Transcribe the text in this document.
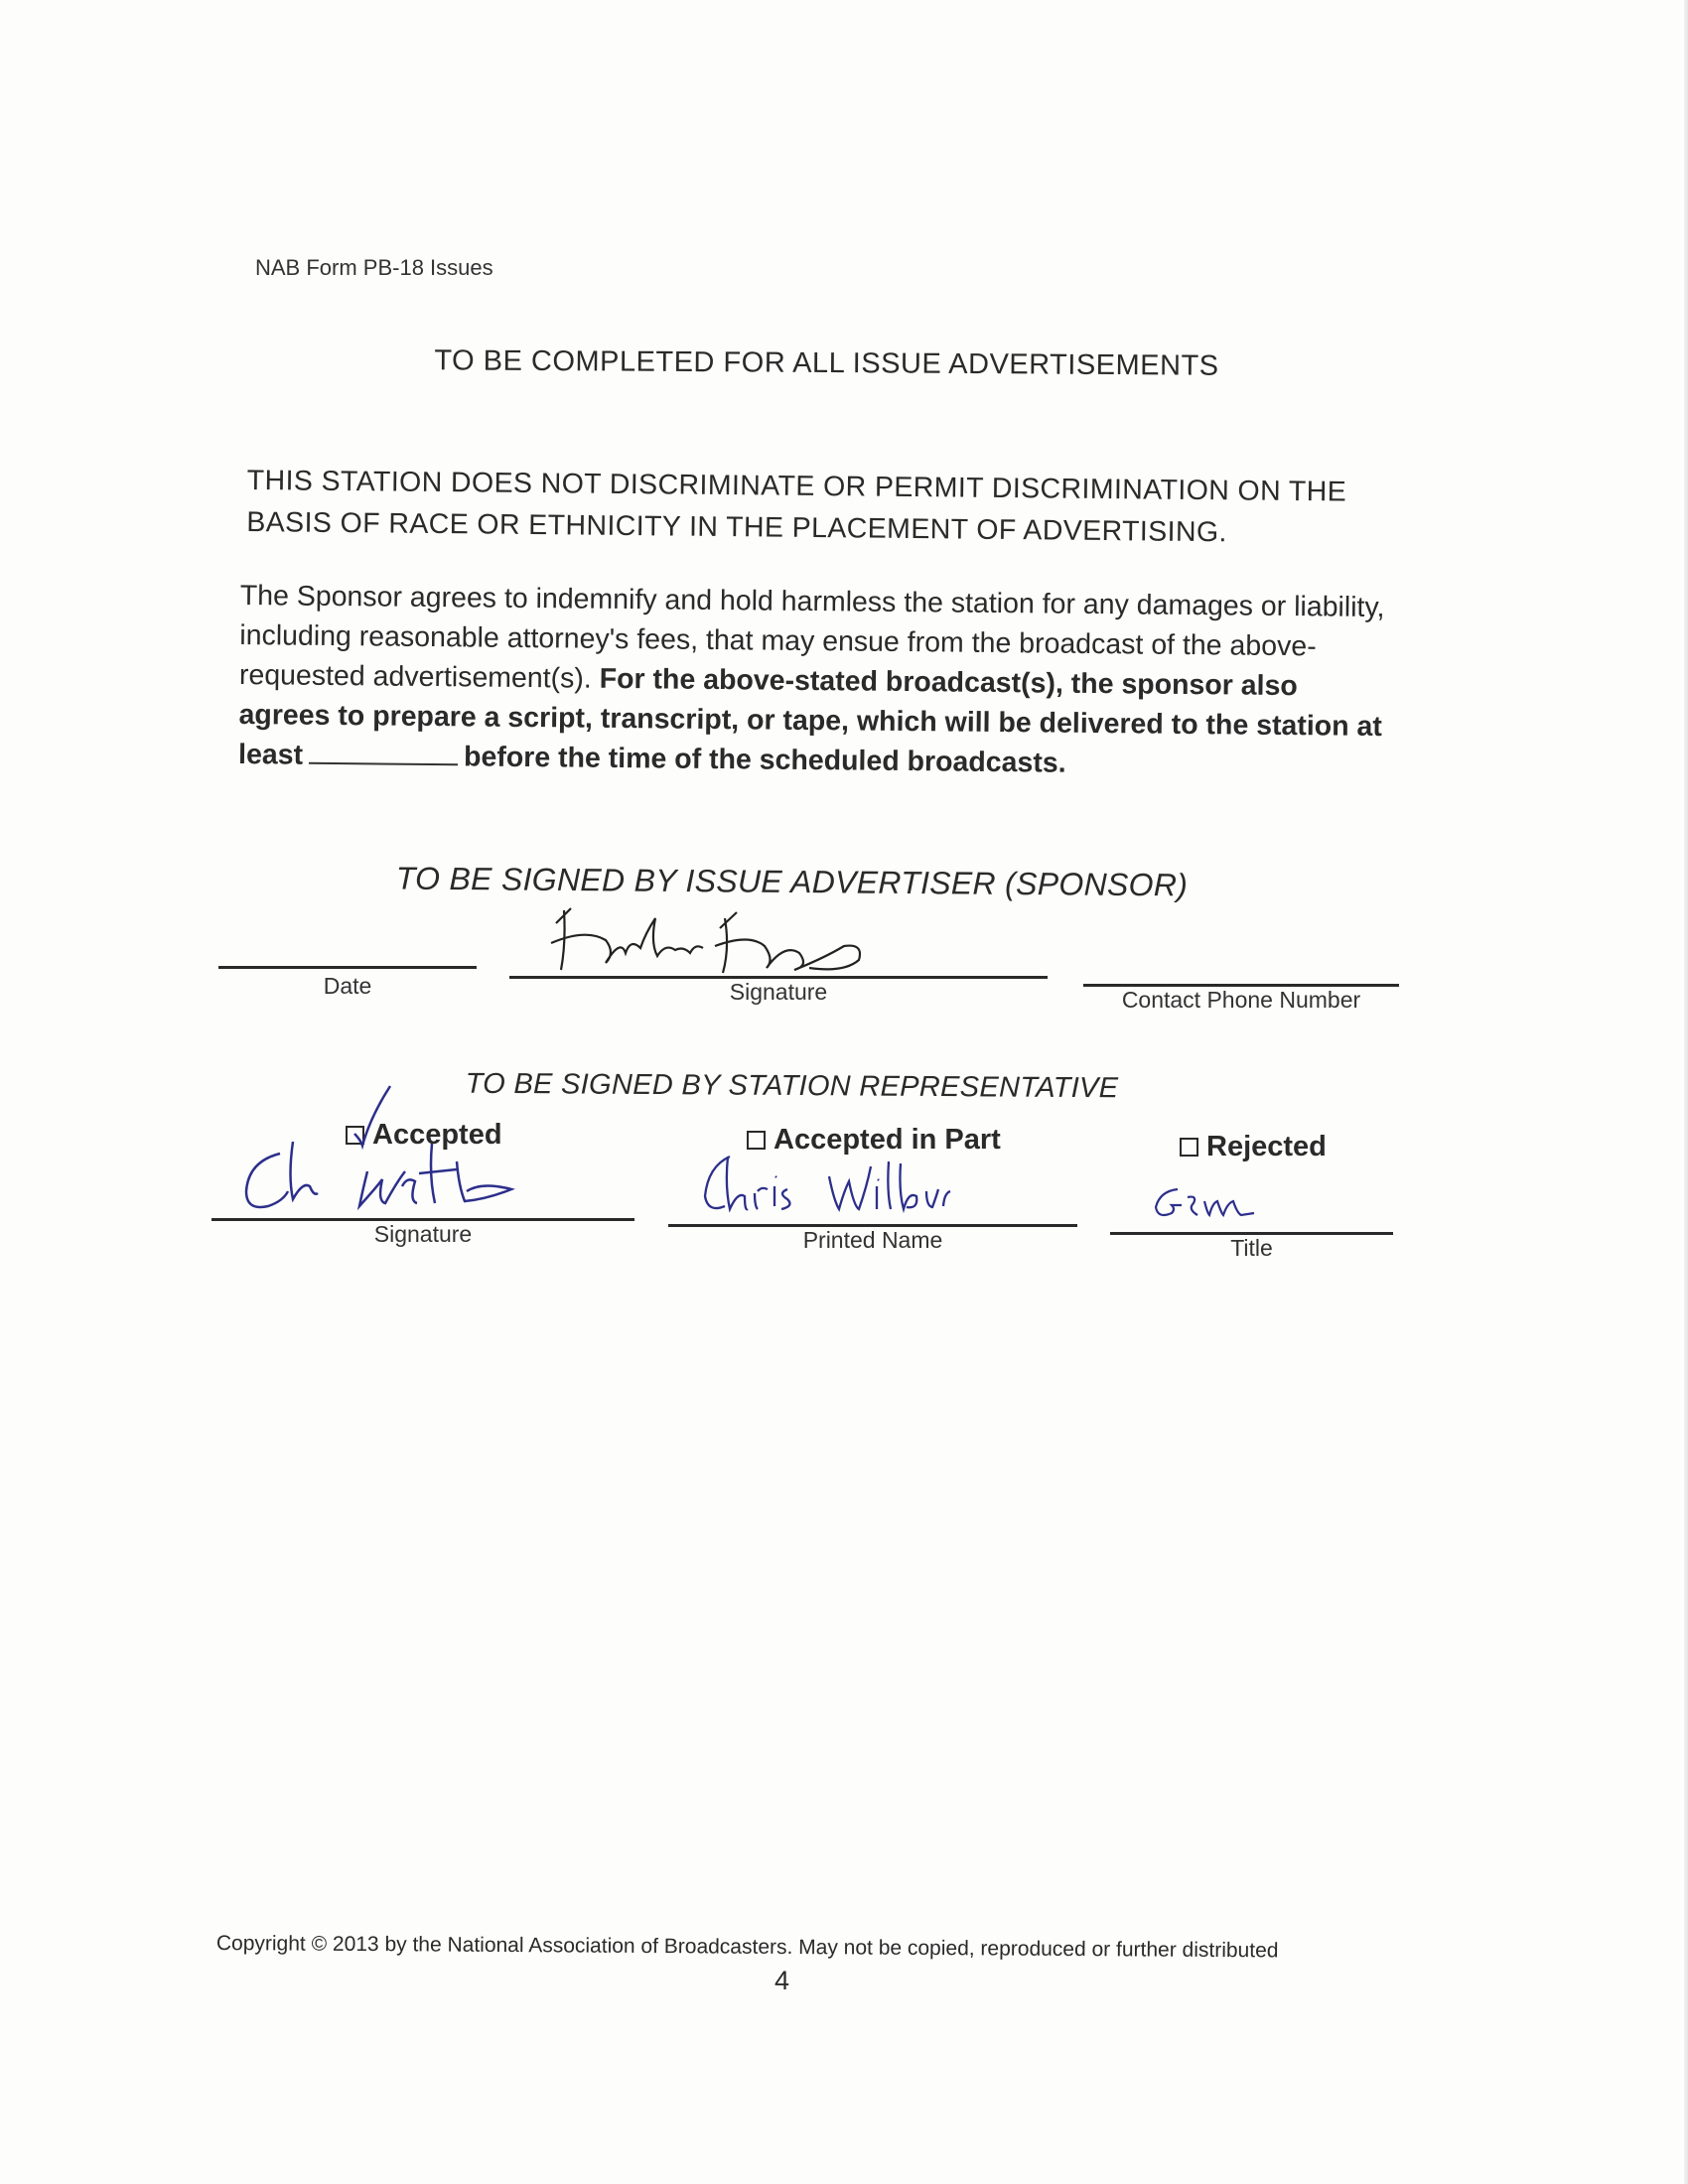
NAB Form PB-18 Issues
TO BE COMPLETED FOR ALL ISSUE ADVERTISEMENTS
THIS STATION DOES NOT DISCRIMINATE OR PERMIT DISCRIMINATION ON THE BASIS OF RACE OR ETHNICITY IN THE PLACEMENT OF ADVERTISING.
The Sponsor agrees to indemnify and hold harmless the station for any damages or liability, including reasonable attorney's fees, that may ensue from the broadcast of the above-requested advertisement(s). For the above-stated broadcast(s), the sponsor also agrees to prepare a script, transcript, or tape, which will be delivered to the station at least	before the time of the scheduled broadcasts.
TO BE SIGNED BY ISSUE ADVERTISER (SPONSOR)
Date	Signature	Contact Phone Number
TO BE SIGNED BY STATION REPRESENTATIVE
Accepted	Accepted in Part	Rejected
Signature	Printed Name	Title
Copyright © 2013 by the National Association of Broadcasters. May not be copied, reproduced or further distributed
4
